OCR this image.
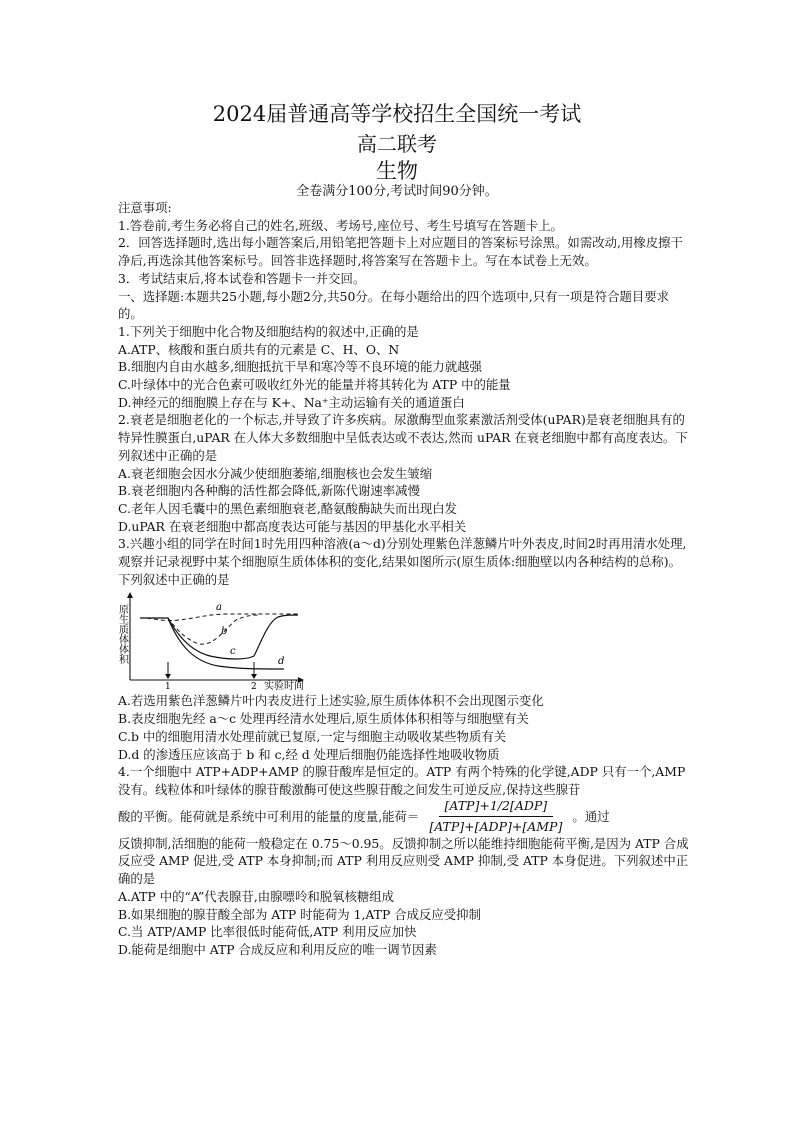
2024届普通高等学校招生全国统一考试
高二联考
生物
全卷满分100分,考试时间90分钟。

注意事项:

1.答卷前,考生务必将自己的姓名,班级、考场号,座位号、考生号填写在答题卡上。

2．回答选择题时,选出每小题答案后,用铅笔把答题卡上对应题目的答案标号涂黑。如需改动,用橡皮擦干净后,再选涂其他答案标号。回答非选择题时,将答案写在答题卡上。写在本试卷上无效。

3．考试结束后,将本试卷和答题卡一并交回。

一、选择题:本题共25小题,每小题2分,共50分。在每小题给出的四个选项中,只有一项是符合题目要求的。

1.下列关于细胞中化合物及细胞结构的叙述中,正确的是

A.ATP、核酸和蛋白质共有的元素是 C、H、O、N

B.细胞内自由水越多,细胞抵抗干旱和寒冷等不良环境的能力就越强

C.叶绿体中的光合色素可吸收红外光的能量并将其转化为 ATP 中的能量

D.神经元的细胞膜上存在与 K+、Na⁺主动运输有关的通道蛋白

2.衰老是细胞老化的一个标志,并导致了许多疾病。尿激酶型血浆素激活剂受体(uPAR)是衰老细胞具有的特异性膜蛋白,uPAR 在人体大多数细胞中呈低表达或不表达,然而 uPAR 在衰老细胞中都有高度表达。下列叙述中正确的是

A.衰老细胞会因水分减少使细胞萎缩,细胞核也会发生皱缩

B.衰老细胞内各种酶的活性都会降低,新陈代谢速率减慢

C.老年人因毛囊中的黑色素细胞衰老,酪氨酸酶缺失而出现白发

D.uPAR 在衰老细胞中都高度表达可能与基因的甲基化水平相关

3.兴趣小组的同学在时间1时先用四种溶液(a～d)分别处理紫色洋葱鳞片叶外表皮,时间2时再用清水处理,观察并记录视野中某个细胞原生质体体积的变化,结果如图所示(原生质体:细胞壁以内各种结构的总称)。下列叙述中正确的是

原生质体体积	a
b
c
d
1	2 实验时间

A.若选用紫色洋葱鳞片叶内表皮进行上述实验,原生质体体积不会出现图示变化

B.表皮细胞先经 a～c 处理再经清水处理后,原生质体体积相等与细胞壁有关

C.b 中的细胞用清水处理前就已复原,一定与细胞主动吸收某些物质有关

D.d 的渗透压应该高于 b 和 c,经 d 处理后细胞仍能选择性地吸收物质

4.一个细胞中 ATP+ADP+AMP 的腺苷酸库是恒定的。ATP 有两个特殊的化学键,ADP 只有一个,AMP 没有。线粒体和叶绿体的腺苷酸激酶可使这些腺苷酸之间发生可逆反应,保持这些腺苷

酸的平衡。能荷就是系统中可利用的能量的度量,能荷＝ $\frac{\text{[ATP]+1/2[ADP]}}{\text{[ATP]+[ADP]+[AMP]}}$ 。通过

反馈抑制,活细胞的能荷一般稳定在 0.75～0.95。反馈抑制之所以能维持细胞能荷平衡,是因为 ATP 合成反应受 AMP 促进,受 ATP 本身抑制;而 ATP 利用反应则受 AMP 抑制,受 ATP 本身促进。下列叙述中正确的是

A.ATP 中的“A”代表腺苷,由腺嘌呤和脱氧核糖组成

B.如果细胞的腺苷酸全部为 ATP 时能荷为 1,ATP 合成反应受抑制

C.当 ATP/AMP 比率很低时能荷低,ATP 利用反应加快

D.能荷是细胞中 ATP 合成反应和利用反应的唯一调节因素
